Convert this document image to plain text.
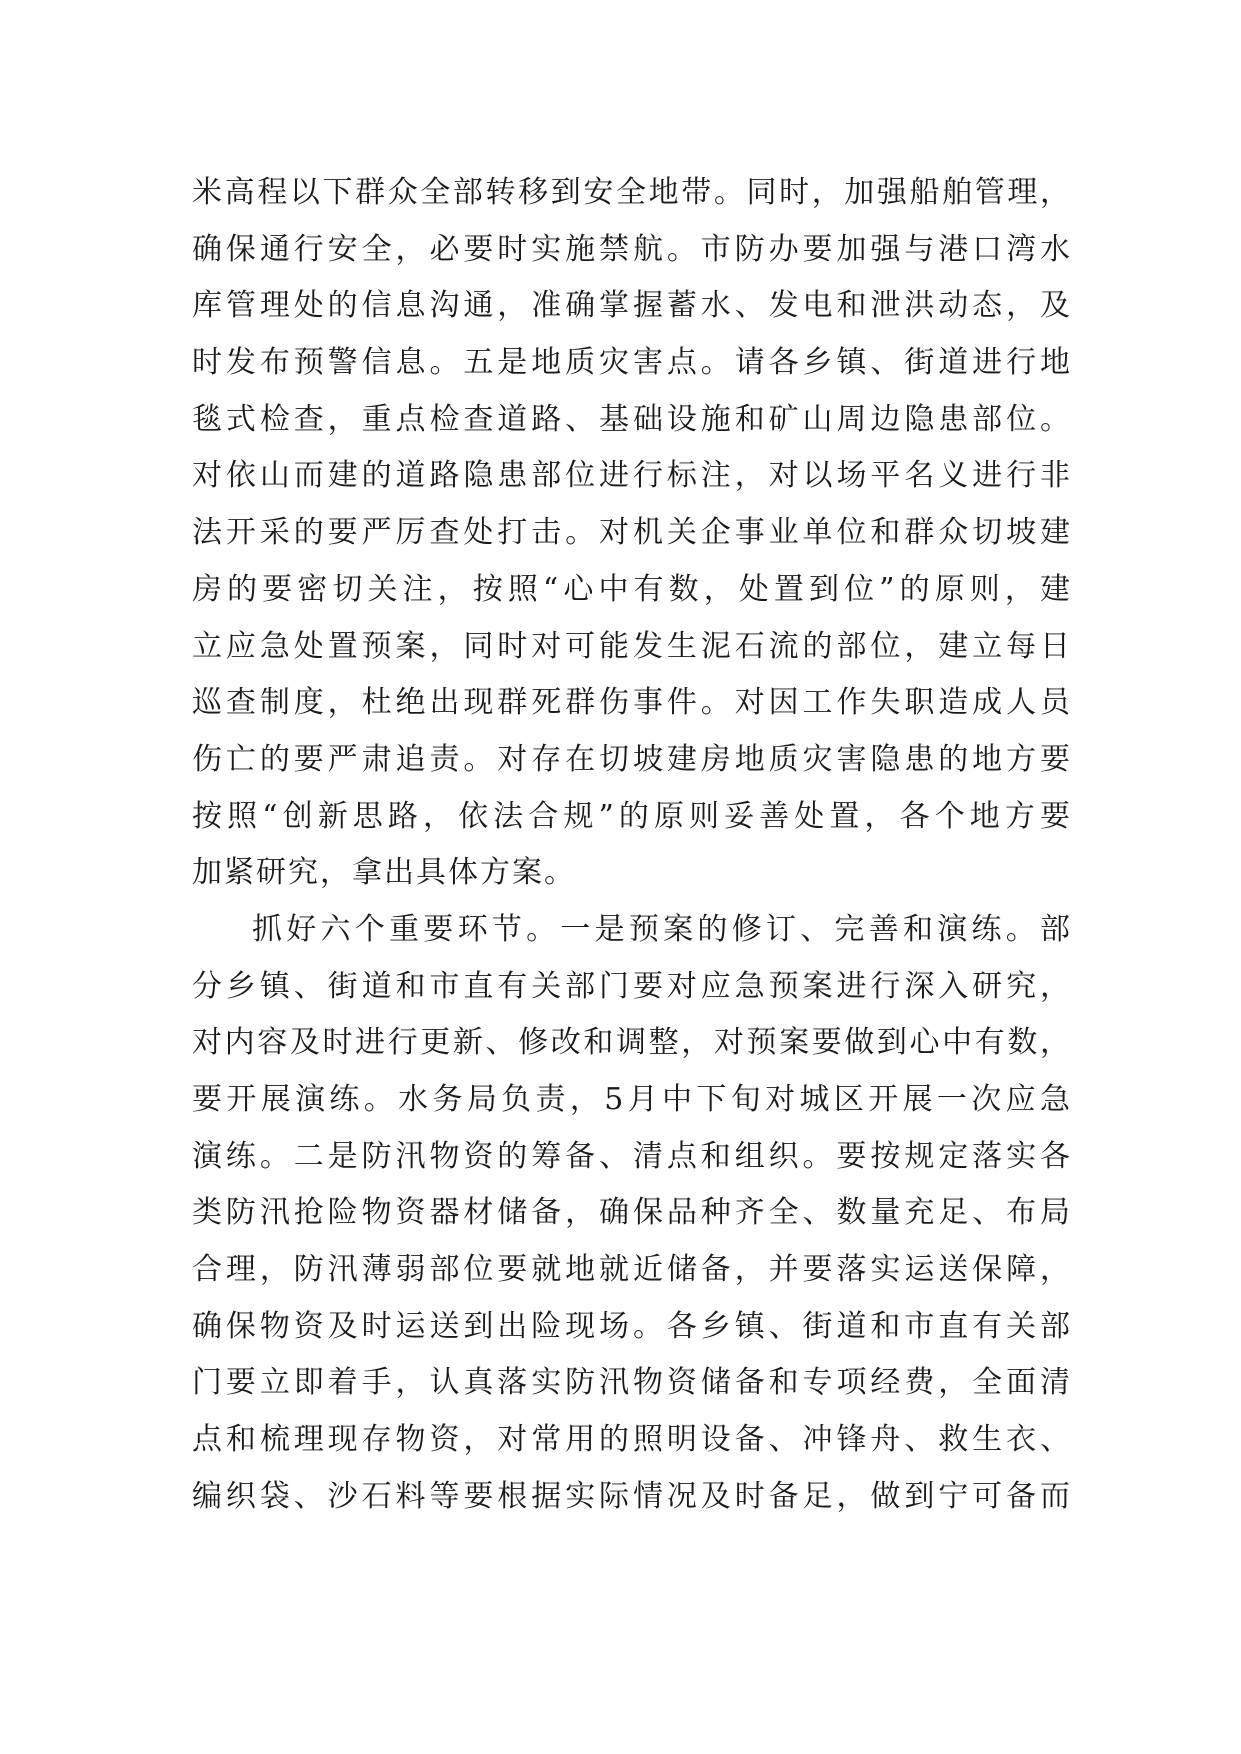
米高程以下群众全部转移到安全地带。同时，加强船舶管理，
确保通行安全，必要时实施禁航。市防办要加强与港口湾水
库管理处的信息沟通，准确掌握蓄水、发电和泄洪动态，及
时发布预警信息。五是地质灾害点。请各乡镇、街道进行地
毯式检查，重点检查道路、基础设施和矿山周边隐患部位。
对依山而建的道路隐患部位进行标注，对以场平名义进行非
法开采的要严厉查处打击。对机关企事业单位和群众切坡建
房的要密切关注，按照“心中有数，处置到位”的原则，建
立应急处置预案，同时对可能发生泥石流的部位，建立每日
巡查制度，杜绝出现群死群伤事件。对因工作失职造成人员
伤亡的要严肃追责。对存在切坡建房地质灾害隐患的地方要
按照“创新思路，依法合规”的原则妥善处置，各个地方要
加紧研究，拿出具体方案。
抓好六个重要环节。一是预案的修订、完善和演练。部
分乡镇、街道和市直有关部门要对应急预案进行深入研究，
对内容及时进行更新、修改和调整，对预案要做到心中有数，
要开展演练。水务局负责，5月中下旬对城区开展一次应急
演练。二是防汛物资的筹备、清点和组织。要按规定落实各
类防汛抢险物资器材储备，确保品种齐全、数量充足、布局
合理，防汛薄弱部位要就地就近储备，并要落实运送保障，
确保物资及时运送到出险现场。各乡镇、街道和市直有关部
门要立即着手，认真落实防汛物资储备和专项经费，全面清
点和梳理现存物资，对常用的照明设备、冲锋舟、救生衣、
编织袋、沙石料等要根据实际情况及时备足，做到宁可备而
